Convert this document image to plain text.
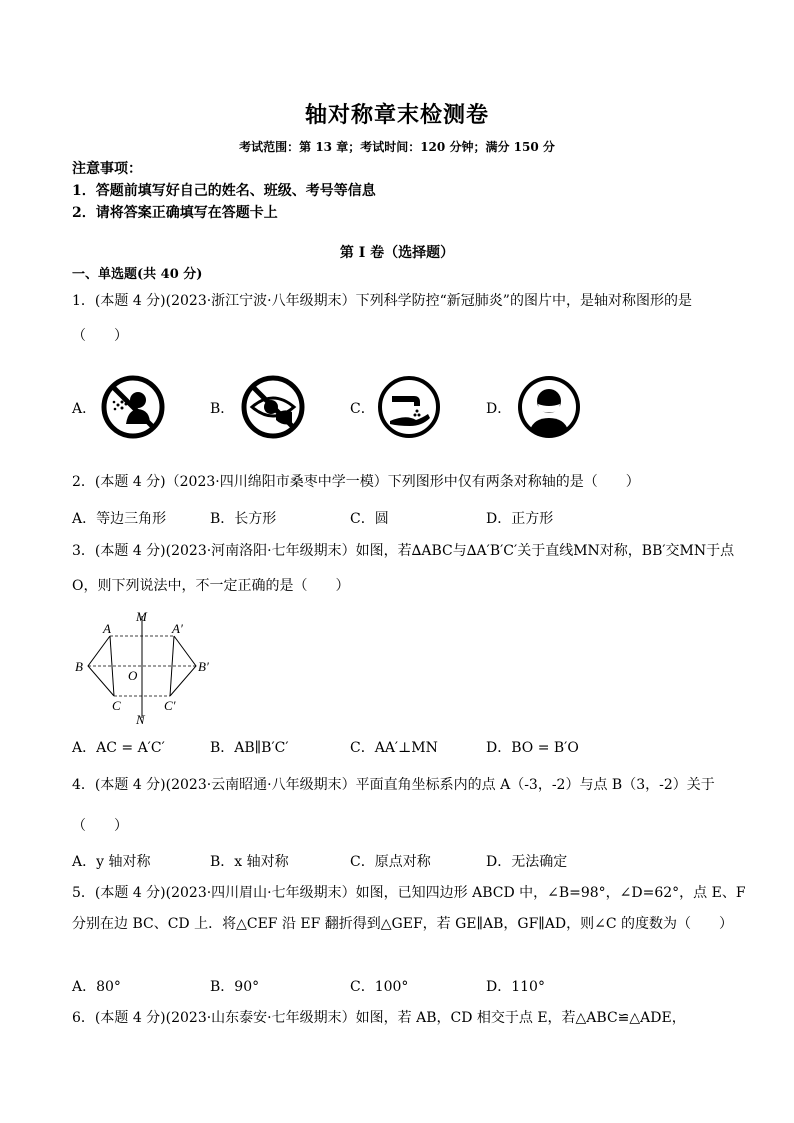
轴对称章末检测卷
考试范围：第 13 章；考试时间：120 分钟；满分 150 分
注意事项：
1．答题前填写好自己的姓名、班级、考号等信息
2．请将答案正确填写在答题卡上
第 I 卷（选择题）
一、单选题(共 40 分)
1．(本题 4 分)(2023·浙江宁波·八年级期末）下列科学防控“新冠肺炎”的图片中，是轴对称图形的是
（　　）
A．	B．	C．	D．
2．(本题 4 分)（2023·四川绵阳市桑枣中学一模）下列图形中仅有两条对称轴的是（　　）
A．等边三角形	B．长方形	C．圆	D．正方形
3．(本题 4 分)(2023·河南洛阳·七年级期末）如图，若∆ABC与∆A′B′C′关于直线MN对称，BB′交MN于点
O，则下列说法中，不一定正确的是（　　）
M
A	A′
B	B′
O
C	C′
N
A．AC = A′C′	B．AB∥B′C′	C．AA′⊥MN	D．BO = B′O
4．(本题 4 分)(2023·云南昭通·八年级期末）平面直角坐标系内的点 A（-3，-2）与点 B（3，-2）关于
（　　）
A．y 轴对称	B．x 轴对称	C．原点对称	D．无法确定
5．(本题 4 分)(2023·四川眉山·七年级期末）如图，已知四边形 ABCD 中，∠B=98°，∠D=62°，点 E、F
分别在边 BC、CD 上．将△CEF 沿 EF 翻折得到△GEF，若 GE∥AB，GF∥AD，则∠C 的度数为（　　）
A．80°	B．90°	C．100°	D．110°
6．(本题 4 分)(2023·山东泰安·七年级期末）如图，若 AB，CD 相交于点 E，若△ABC≌△ADE，
